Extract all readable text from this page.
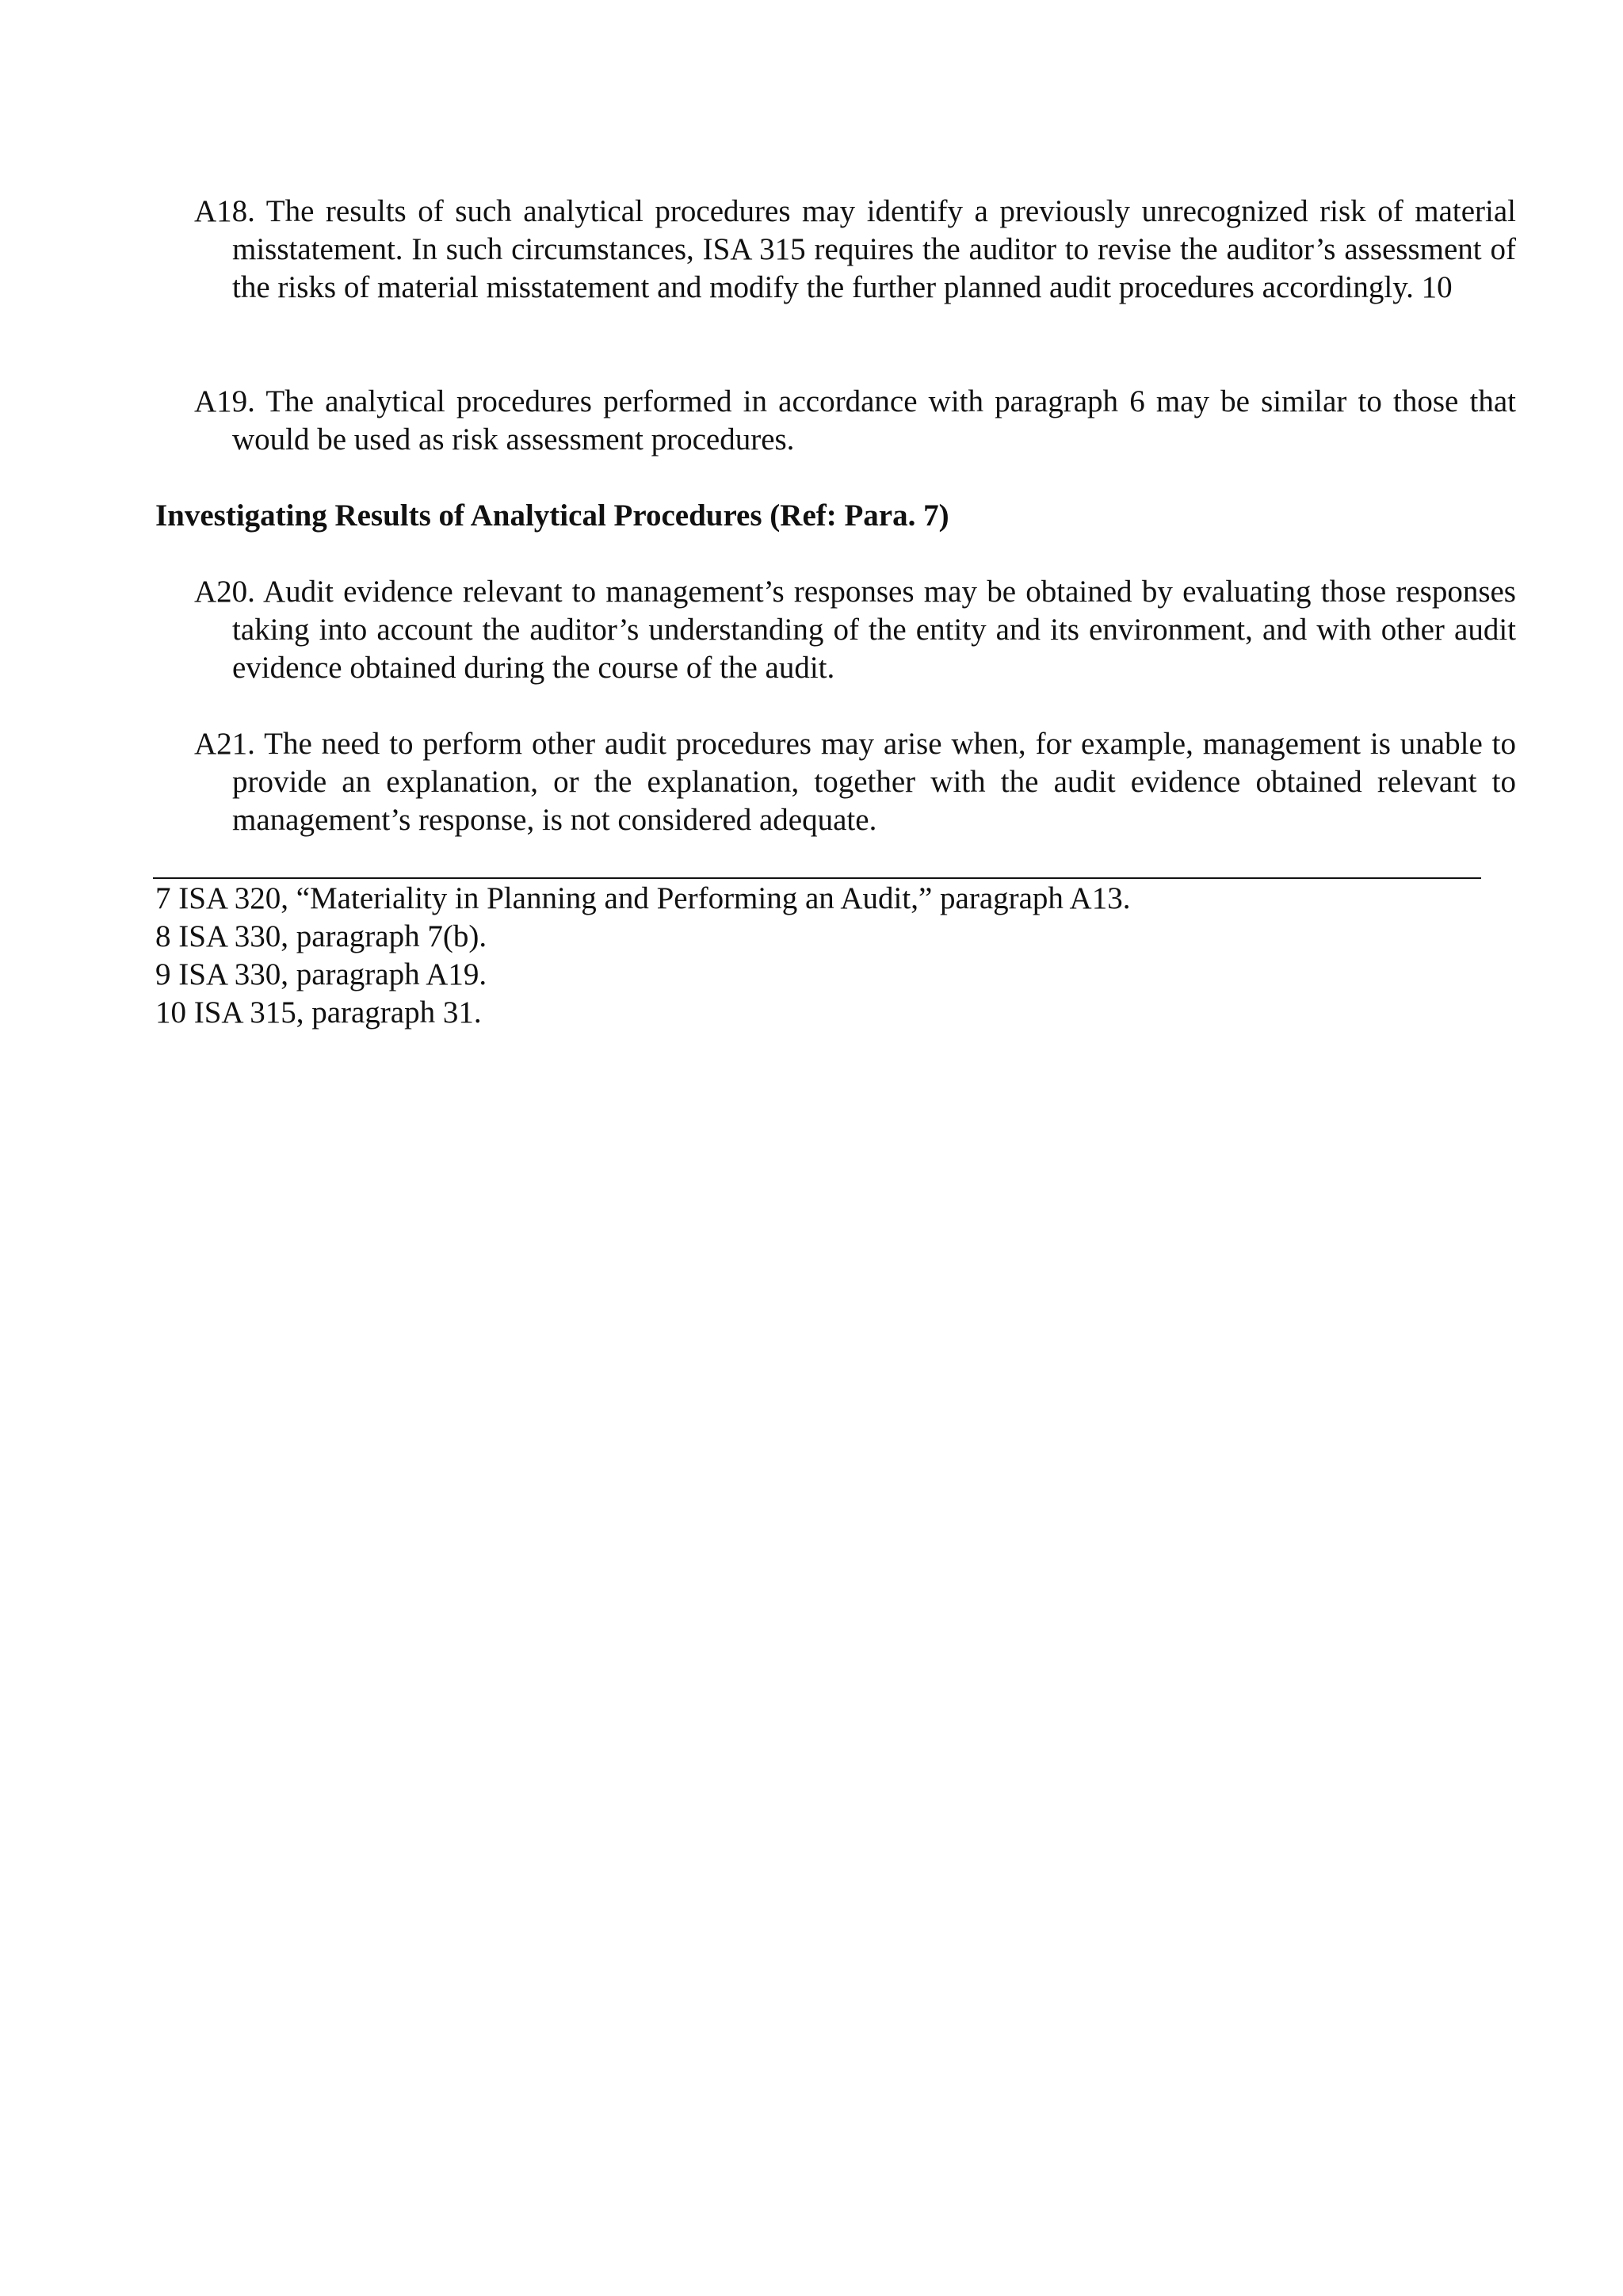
A18. The results of such analytical procedures may identify a previously unrecognized risk of material misstatement. In such circumstances, ISA 315 requires the auditor to revise the auditor’s assessment of the risks of material misstatement and modify the further planned audit procedures accordingly. 10

A19. The analytical procedures performed in accordance with paragraph 6 may be similar to those that would be used as risk assessment procedures.

Investigating Results of Analytical Procedures (Ref: Para. 7)

A20. Audit evidence relevant to management’s responses may be obtained by evaluating those responses taking into account the auditor’s understanding of the entity and its environment, and with other audit evidence obtained during the course of the audit.

A21. The need to perform other audit procedures may arise when, for example, management is unable to provide an explanation, or the explanation, together with the audit evidence obtained relevant to management’s response, is not considered adequate.

7 ISA 320, “Materiality in Planning and Performing an Audit,” paragraph A13.
8 ISA 330, paragraph 7(b).
9 ISA 330, paragraph A19.
10 ISA 315, paragraph 31.
